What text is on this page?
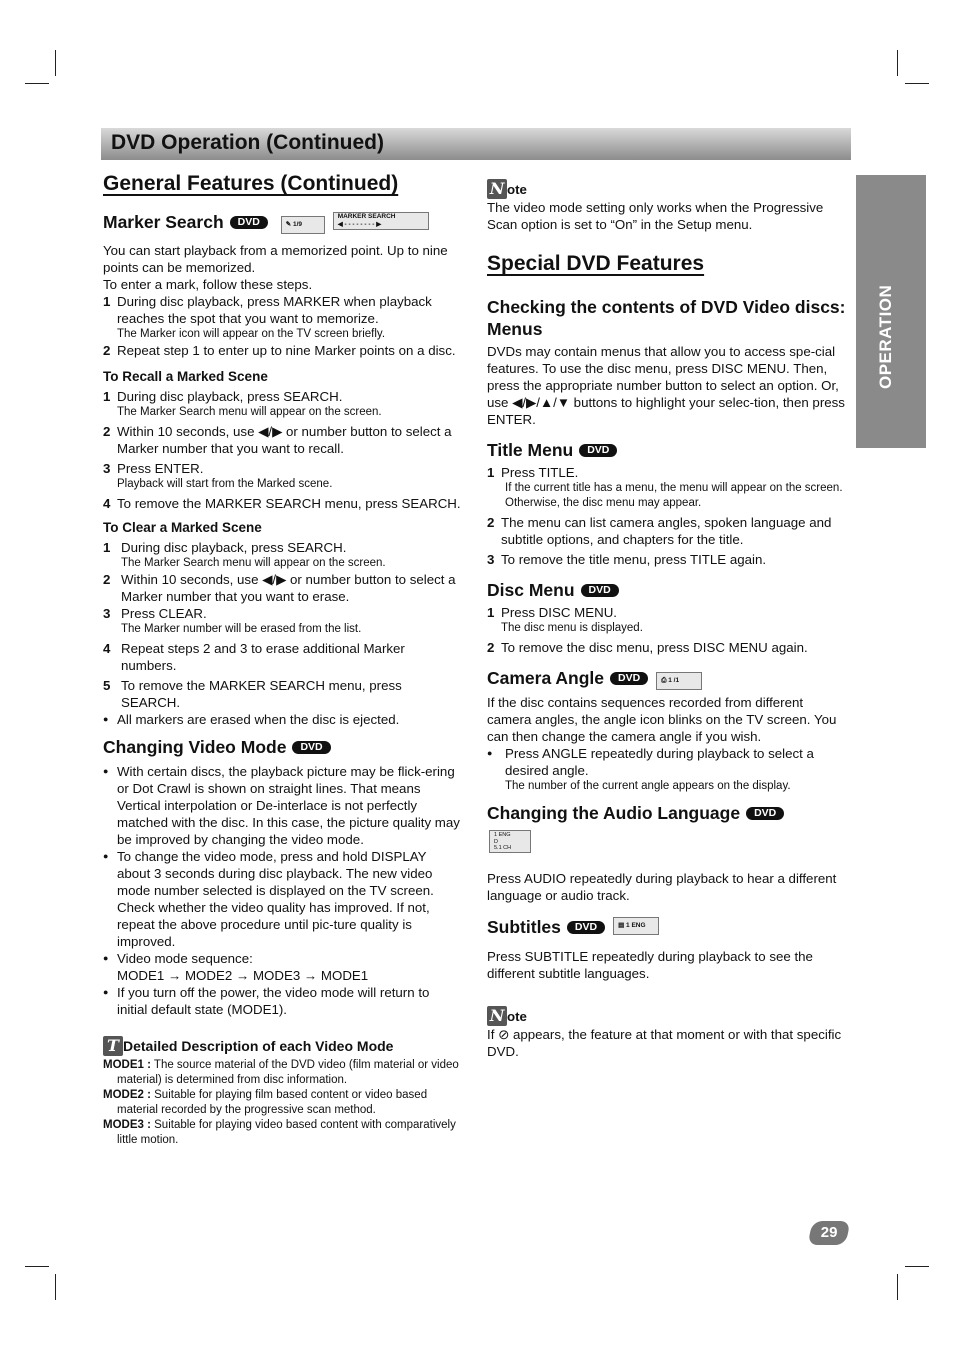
DVD Operation (Continued)
OPERATION

General Features (Continued)

Marker Search DVD	✎ 1/9MARKER SEARCH
◀ - - - - - - - - ▶

You can start playback from a memorized point. Up to nine points can be memorized.

To enter a mark, follow these steps.

1 During disc playback, press MARKER when playback reaches the spot that you want to memorize.
The Marker icon will appear on the TV screen briefly.
2 Repeat step 1 to enter up to nine Marker points on a disc.

To Recall a Marked Scene

1 During disc playback, press SEARCH.
The Marker Search menu will appear on the screen.
2 Within 10 seconds, use ◀/▶ or number button to select a Marker number that you want to recall.
3 Press ENTER.
Playback will start from the Marked scene.
4 To remove the MARKER SEARCH menu, press SEARCH.

To Clear a Marked Scene

1 During disc playback, press SEARCH.
The Marker Search menu will appear on the screen.
2 Within 10 seconds, use ◀/▶ or number button to select a Marker number that you want to erase.
3 Press CLEAR.
The Marker number will be erased from the list.
4 Repeat steps 2 and 3 to erase additional Marker numbers.
5 To remove the MARKER SEARCH menu, press SEARCH.
● All markers are erased when the disc is ejected.

Changing Video Mode DVD

● With certain discs, the playback picture may be flick-ering or Dot Crawl is shown on straight lines. That means Vertical interpolation or De-interlace is not perfectly matched with the disc. In this case, the picture quality may be improved by changing the video mode.
● To change the video mode, press and hold DISPLAY about 3 seconds during disc playback. The new video mode number selected is displayed on the TV screen. Check whether the video quality has improved. If not, repeat the above procedure until pic-ture quality is improved.
● Video mode sequence:
MODE1 → MODE2 → MODE3 → MODE1
● If you turn off the power, the video mode will return to initial default state (MODE1).

T Detailed Description of each Video Mode

MODE1 : The source material of the DVD video (film material or video material) is determined from disc information.
MODE2 : Suitable for playing film based content or video based material recorded by the progressive scan method.
MODE3 : Suitable for playing video based content with comparatively little motion.

N ote

The video mode setting only works when the Progressive Scan option is set to “On” in the Setup menu.

Special DVD Features

Checking the contents of DVD Video discs: Menus

DVDs may contain menus that allow you to access spe-cial features. To use the disc menu, press DISC MENU. Then, press the appropriate number button to select an option. Or, use ◀/▶/▲/▼ buttons to highlight your selec-tion, then press ENTER.

Title Menu DVD

1 Press TITLE.
If the current title has a menu, the menu will appear on the screen. Otherwise, the disc menu may appear.
2 The menu can list camera angles, spoken language and subtitle options, and chapters for the title.
3 To remove the title menu, press TITLE again.

Disc Menu DVD

1 Press DISC MENU.
The disc menu is displayed.
2 To remove the disc menu, press DISC MENU again.

Camera Angle DVD	⎙ 1 /1

If the disc contains sequences recorded from different camera angles, the angle icon blinks on the TV screen. You can then change the camera angle if you wish.

● Press ANGLE repeatedly during playback to select a desired angle.
The number of the current angle appears on the display.

Changing the Audio Language DVD

1 ENG
D
5.1 CH

Press AUDIO repeatedly during playback to hear a different language or audio track.

Subtitles DVD	▤ 1 ENG

Press SUBTITLE repeatedly during playback to see the different subtitle languages.

N ote

If ⊘ appears, the feature at that moment or with that specific DVD.

29
